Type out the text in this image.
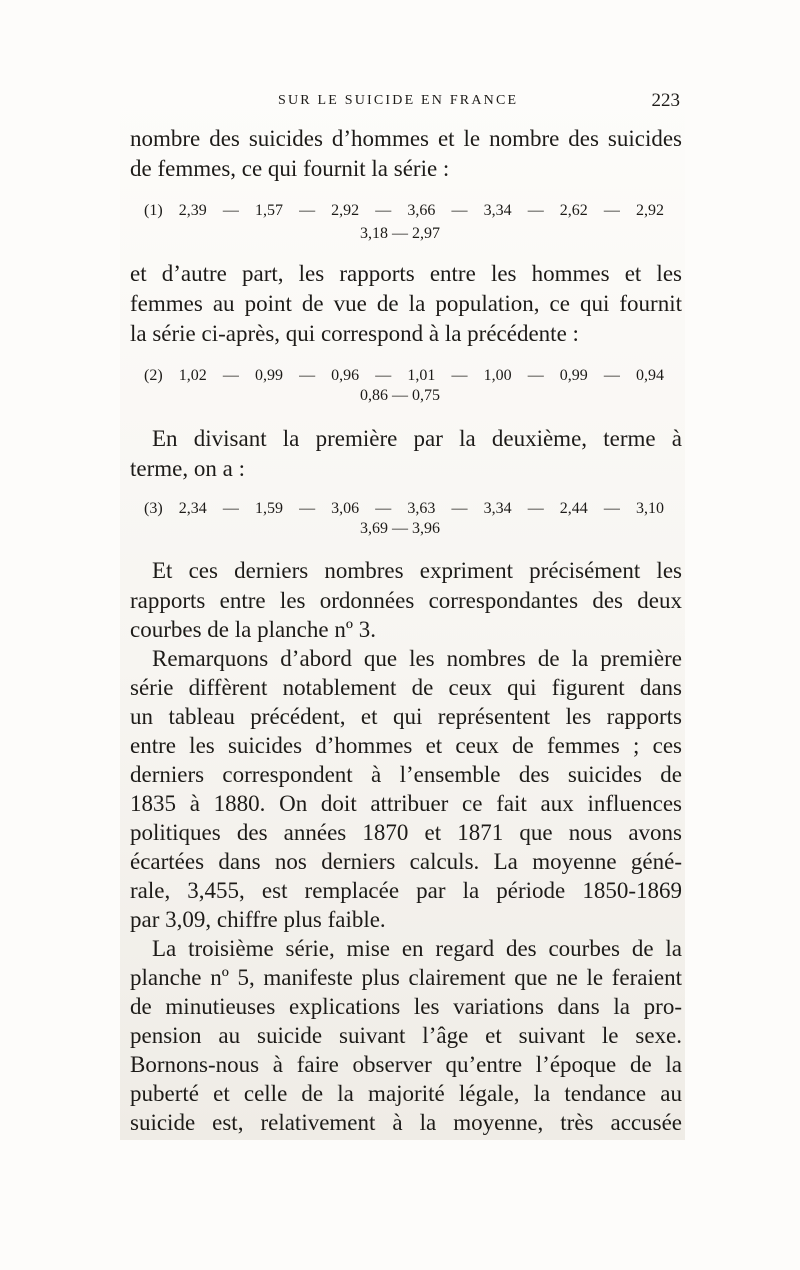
SUR LE SUICIDE EN FRANCE	223
nombre des suicides d’hommes et le nombre des suicides
de femmes, ce qui fournit la série :
(1) 2,39 — 1,57 — 2,92 — 3,66 — 3,34 — 2,62 — 2,92
3,18 — 2,97
et d’autre part, les rapports entre les hommes et les
femmes au point de vue de la population, ce qui fournit
la série ci-après, qui correspond à la précédente :
(2) 1,02 — 0,99 — 0,96 — 1,01 — 1,00 — 0,99 — 0,94
0,86 — 0,75
En divisant la première par la deuxième, terme à
terme, on a :
(3) 2,34 — 1,59 — 3,06 — 3,63 — 3,34 — 2,44 — 3,10
3,69 — 3,96
Et ces derniers nombres expriment précisément les
rapports entre les ordonnées correspondantes des deux
courbes de la planche nº 3.
Remarquons d’abord que les nombres de la première
série diffèrent notablement de ceux qui figurent dans
un tableau précédent, et qui représentent les rapports
entre les suicides d’hommes et ceux de femmes ; ces
derniers correspondent à l’ensemble des suicides de
1835 à 1880. On doit attribuer ce fait aux influences
politiques des années 1870 et 1871 que nous avons
écartées dans nos derniers calculs. La moyenne géné-
rale, 3,455, est remplacée par la période 1850-1869
par 3,09, chiffre plus faible.
La troisième série, mise en regard des courbes de la
planche nº 5, manifeste plus clairement que ne le feraient
de minutieuses explications les variations dans la pro-
pension au suicide suivant l’âge et suivant le sexe.
Bornons-nous à faire observer qu’entre l’époque de la
puberté et celle de la majorité légale, la tendance au
suicide est, relativement à la moyenne, très accusée
